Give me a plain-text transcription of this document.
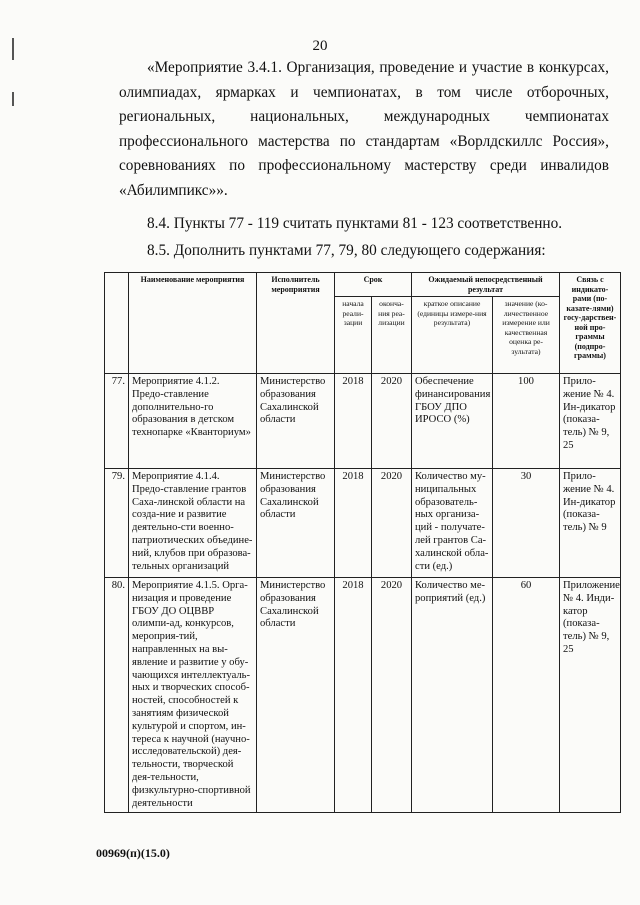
20
«Мероприятие 3.4.1. Организация, проведение и участие в конкурсах,
олимпиадах, ярмарках и чемпионатах, в том числе отборочных,
региональных, национальных, международных чемпионатах
профессионального мастерства по стандартам «Ворлдскиллс Россия»,
соревнованиях по профессиональному мастерству среди инвалидов
«Абилимпикс»».
8.4. Пункты 77 - 119 считать пунктами 81 - 123 соответственно.
8.5. Дополнить пунктами 77, 79, 80 следующего содержания:
	Наименование мероприятия	Исполнитель мероприятия	Срок		Ожидаемый непосредственный результат		Связь с индикато-рами (по-казате-лями) госу-дарствен-ной про-граммы (подпро-граммы)
			начала реали-зации	оконча-ния реа-лизации	краткое описание (единицы измере-ния результата)	значение (ко-личественное измерение или качественная оценка ре-зультата)	
77.	Мероприятие 4.1.2. Предо-ставление дополнительно-го образования в детском технопарке «Кванториум»	Министерство образования Сахалинской области	2018	2020	Обеспечение финансирования ГБОУ ДПО ИРОСО (%)	100	Прило-жение № 4. Ин-дикатор (показа-тель) № 9, 25
79.	Мероприятие 4.1.4. Предо-ставление грантов Саха-линской области на созда-ние и развитие деятельно-сти военно-патриотических объедине-ний, клубов при образова-тельных организаций	Министерство образования Сахалинской области	2018	2020	Количество му-ниципальных образователь-ных организа-ций - получате-лей грантов Са-халинской обла-сти (ед.)	30	Прило-жение № 4. Ин-дикатор (показа-тель) № 9
80.	Мероприятие 4.1.5. Орга-низация и проведение ГБОУ ДО ОЦВВР олимпи-ад, конкурсов, мероприя-тий, направленных на вы-явление и развитие у обу-чающихся интеллектуаль-ных и творческих способ-ностей, способностей к занятиям физической культурой и спортом, ин-тереса к научной (научно-исследовательской) дея-тельности, творческой дея-тельности, физкультурно-спортивной деятельности	Министерство образования Сахалинской области	2018	2020	Количество ме-роприятий (ед.)	60	Приложение № 4. Инди-катор (показа-тель) № 9, 25
00969(п)(15.0)
